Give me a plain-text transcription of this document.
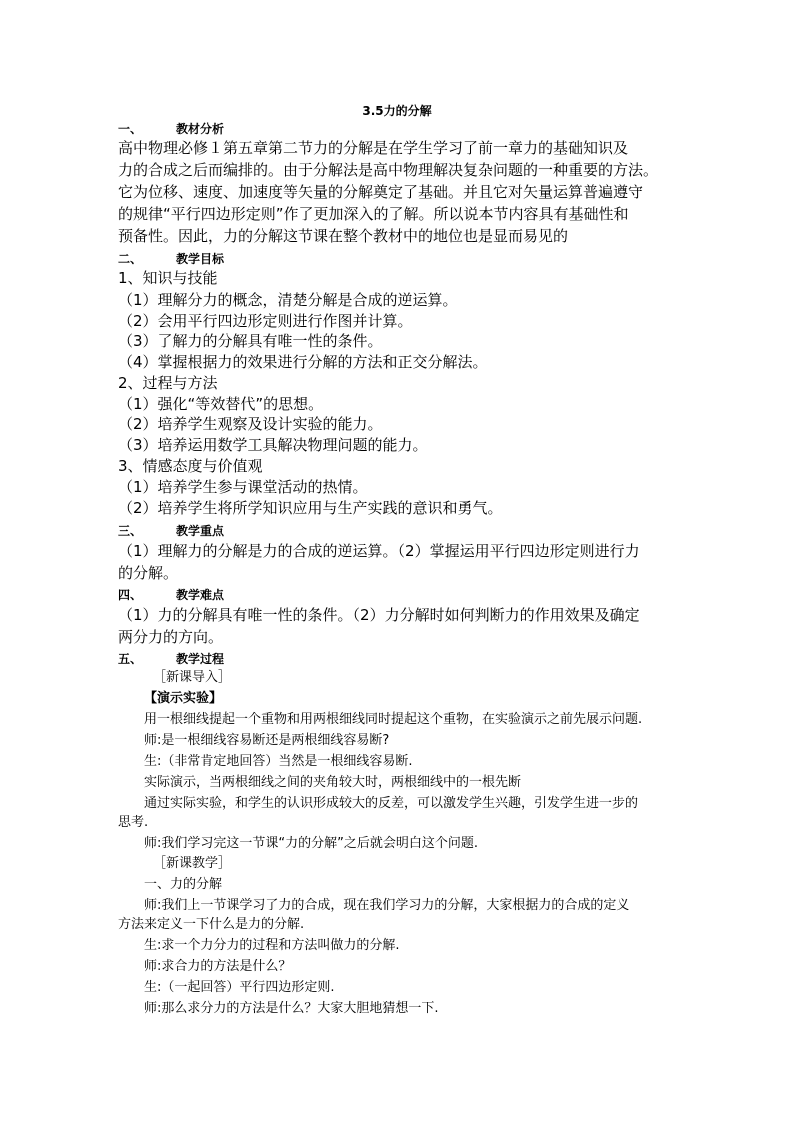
3.5力的分解
一、	教材分析
高中物理必修１第五章第二节力的分解是在学生学习了前一章力的基础知识及
力的合成之后而编排的。由于分解法是高中物理解决复杂问题的一种重要的方法。
它为位移、速度、加速度等矢量的分解奠定了基础。并且它对矢量运算普遍遵守
的规律“平行四边形定则”作了更加深入的了解。所以说本节内容具有基础性和
预备性。因此，力的分解这节课在整个教材中的地位也是显而易见的
二、	教学目标
1、知识与技能
（1）理解分力的概念，清楚分解是合成的逆运算。
（2）会用平行四边形定则进行作图并计算。
（3）了解力的分解具有唯一性的条件。
（4）掌握根据力的效果进行分解的方法和正交分解法。
2、过程与方法
（1）强化“等效替代”的思想。
（2）培养学生观察及设计实验的能力。
（3）培养运用数学工具解决物理问题的能力。
3、情感态度与价值观
（1）培养学生参与课堂活动的热情。
（2）培养学生将所学知识应用与生产实践的意识和勇气。
三、	教学重点
（1）理解力的分解是力的合成的逆运算。（2）掌握运用平行四边形定则进行力
的分解。
四、	教学难点
（1）力的分解具有唯一性的条件。（2）力分解时如何判断力的作用效果及确定
两分力的方向。
五、	教学过程
［新课导入］
【演示实验】
用一根细线提起一个重物和用两根细线同时提起这个重物，在实验演示之前先展示问题.
师:是一根细线容易断还是两根细线容易断?
生:（非常肯定地回答）当然是一根细线容易断.
实际演示，当两根细线之间的夹角较大时，两根细线中的一根先断
通过实际实验，和学生的认识形成较大的反差，可以激发学生兴趣，引发学生进一步的
思考.
师:我们学习完这一节课“力的分解”之后就会明白这个问题.
［新课教学］
一、力的分解
师:我们上一节课学习了力的合成，现在我们学习力的分解，大家根据力的合成的定义
方法来定义一下什么是力的分解.
生:求一个力分力的过程和方法叫做力的分解.
师:求合力的方法是什么？
生:（一起回答）平行四边形定则.
师:那么求分力的方法是什么？大家大胆地猜想一下.
